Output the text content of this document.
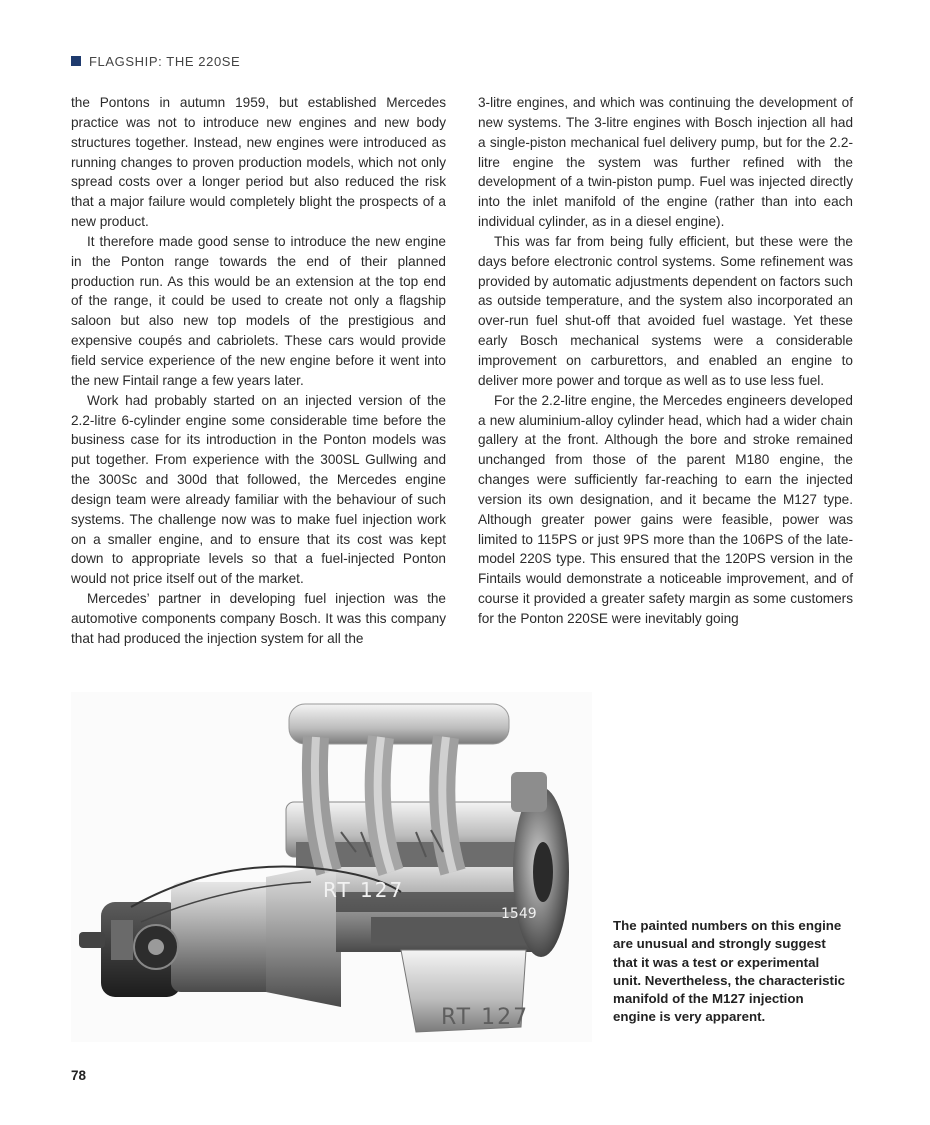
FLAGSHIP: THE 220SE

the Pontons in autumn 1959, but established Mercedes practice was not to introduce new engines and new body structures together. Instead, new engines were introduced as running changes to proven production models, which not only spread costs over a longer period but also reduced the risk that a major failure would completely blight the prospects of a new product.

It therefore made good sense to introduce the new engine in the Ponton range towards the end of their planned production run. As this would be an extension at the top end of the range, it could be used to create not only a flagship saloon but also new top models of the prestigious and expensive coupés and cabriolets. These cars would provide field service experience of the new engine before it went into the new Fintail range a few years later.

Work had probably started on an injected version of the 2.2-litre 6-cylinder engine some considerable time before the business case for its introduction in the Ponton models was put together. From experience with the 300SL Gullwing and the 300Sc and 300d that followed, the Mercedes engine design team were already familiar with the behaviour of such systems. The challenge now was to make fuel injection work on a smaller engine, and to ensure that its cost was kept down to appropriate levels so that a fuel-injected Ponton would not price itself out of the market.

Mercedes’ partner in developing fuel injection was the automotive components company Bosch. It was this company that had produced the injection system for all the

3-litre engines, and which was continuing the development of new systems. The 3-litre engines with Bosch injection all had a single-piston mechanical fuel delivery pump, but for the 2.2-litre engine the system was further refined with the development of a twin-piston pump. Fuel was injected directly into the inlet manifold of the engine (rather than into each individual cylinder, as in a diesel engine).

This was far from being fully efficient, but these were the days before electronic control systems. Some refinement was provided by automatic adjustments dependent on factors such as outside temperature, and the system also incorporated an over-run fuel shut-off that avoided fuel wastage. Yet these early Bosch mechanical systems were a considerable improvement on carburettors, and enabled an engine to deliver more power and torque as well as to use less fuel.

For the 2.2-litre engine, the Mercedes engineers developed a new aluminium-alloy cylinder head, which had a wider chain gallery at the front. Although the bore and stroke remained unchanged from those of the parent M180 engine, the changes were sufficiently far-reaching to earn the injected version its own designation, and it became the M127 type. Although greater power gains were feasible, power was limited to 115PS or just 9PS more than the 106PS of the late-model 220S type. This ensured that the 120PS version in the Fintails would demonstrate a noticeable improvement, and of course it provided a greater safety margin as some customers for the Ponton 220SE were inevitably going

RT 127
RT 127
1549
The painted numbers on this engine are unusual and strongly suggest that it was a test or experimental unit. Nevertheless, the characteristic manifold of the M127 injection engine is very apparent.
78
